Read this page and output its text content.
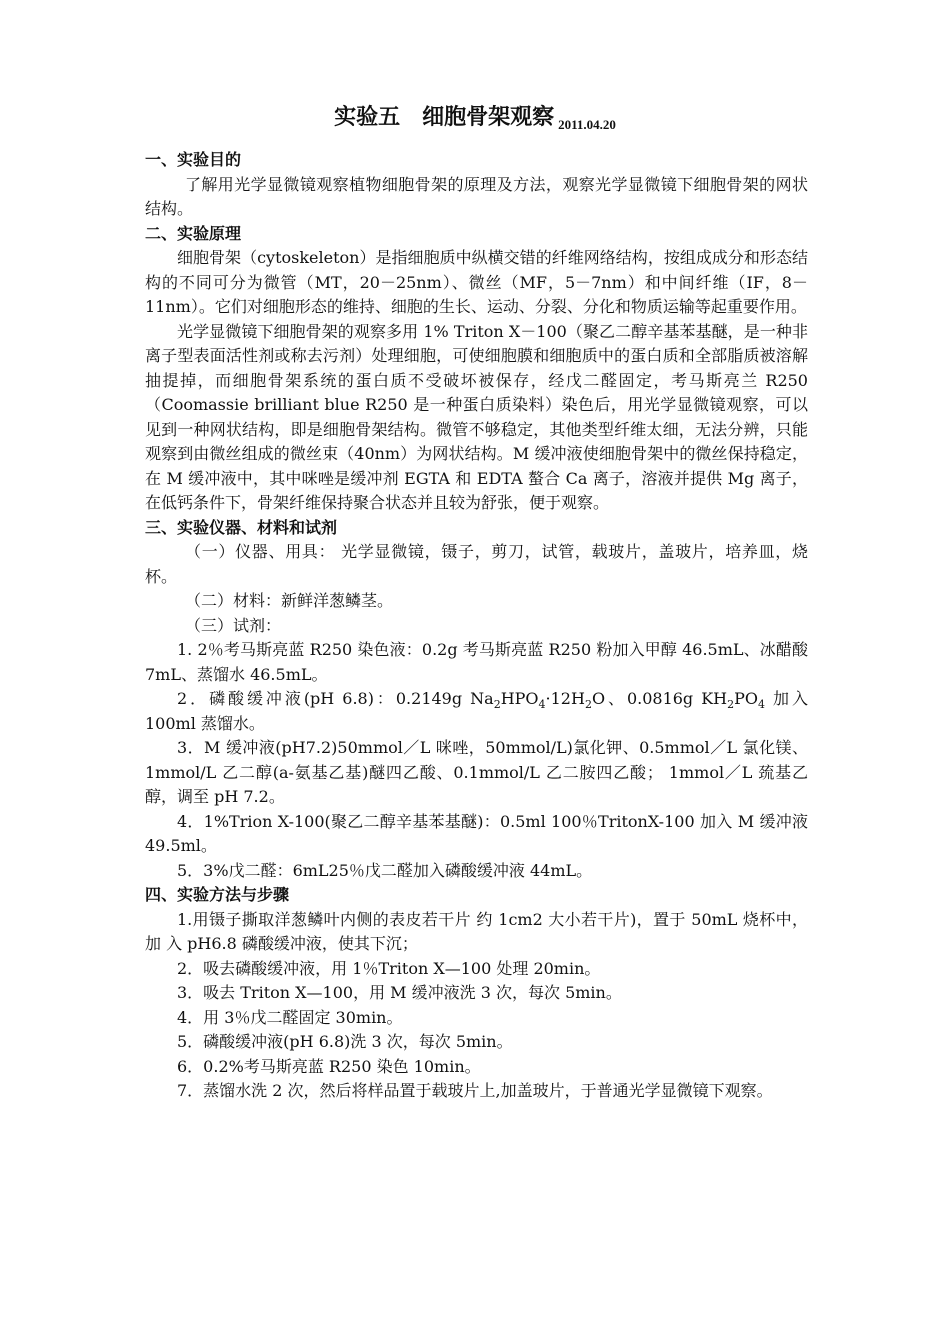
实验五　细胞骨架观察 $_{2011.04.20}$
一、实验目的
了解用光学显微镜观察植物细胞骨架的原理及方法，观察光学显微镜下细胞骨架的网状结构。
二、实验原理
细胞骨架（cytoskeleton）是指细胞质中纵横交错的纤维网络结构，按组成成分和形态结构的不同可分为微管（MT，20－25nm）、微丝（MF，5－7nm）和中间纤维（IF，8－11nm）。它们对细胞形态的维持、细胞的生长、运动、分裂、分化和物质运输等起重要作用。
光学显微镜下细胞骨架的观察多用 1% Triton X－100（聚乙二醇辛基苯基醚，是一种非离子型表面活性剂或称去污剂）处理细胞，可使细胞膜和细胞质中的蛋白质和全部脂质被溶解抽提掉，而细胞骨架系统的蛋白质不受破坏被保存，经戊二醛固定，考马斯亮兰 R250（Coomassie brilliant blue R250 是一种蛋白质染料）染色后，用光学显微镜观察，可以见到一种网状结构，即是细胞骨架结构。微管不够稳定，其他类型纤维太细，无法分辨，只能观察到由微丝组成的微丝束（40nm）为网状结构。M 缓冲液使细胞骨架中的微丝保持稳定，在 M 缓冲液中，其中咪唑是缓冲剂 EGTA 和 EDTA 螯合 Ca 离子，溶液并提供 Mg 离子，在低钙条件下，骨架纤维保持聚合状态并且较为舒张，便于观察。
三、实验仪器、材料和试剂
（一）仪器、用具： 光学显微镜，镊子，剪刀，试管，载玻片，盖玻片，培养皿，烧杯。
（二）材料：新鲜洋葱鳞茎。
（三）试剂：
1. 2％考马斯亮蓝 R250 染色液：0.2g 考马斯亮蓝 R250 粉加入甲醇 46.5mL、冰醋酸 7mL、蒸馏水 46.5mL。
2．磷酸缓冲液(pH 6.8)：0.2149g $Na_2HPO_4\cdot 12H_2O$、0.0816g $KH_2PO_4$ 加入 100ml 蒸馏水。
3．M 缓冲液(pH7.2)50mmol／L 咪唑，50mmol/L)氯化钾、0.5mmol／L 氯化镁、1mmol/L 乙二醇(a-氨基乙基)醚四乙酸、0.1mmol/L 乙二胺四乙酸； 1mmol／L 巯基乙醇，调至 pH 7.2。
4．1%Trion X-100(聚乙二醇辛基苯基醚)：0.5ml 100％TritonX-100 加入 M 缓冲液 49.5ml。
5．3%戊二醛：6mL25％戊二醛加入磷酸缓冲液 44mL。
四、实验方法与步骤
1.用镊子撕取洋葱鳞叶内侧的表皮若干片 约 1cm2 大小若干片)，置于 50mL 烧杯中，加 入 pH6.8 磷酸缓冲液，使其下沉；
2．吸去磷酸缓冲液，用 1％Triton X—100 处理 20min。
3．吸去 Triton X—100，用 M 缓冲液洗 3 次，每次 5min。
4．用 3％戊二醛固定 30min。
5．磷酸缓冲液(pH 6.8)洗 3 次，每次 5min。
6．0.2%考马斯亮蓝 R250 染色 10min。
7．蒸馏水洗 2 次，然后将样品置于载玻片上,加盖玻片，于普通光学显微镜下观察。
